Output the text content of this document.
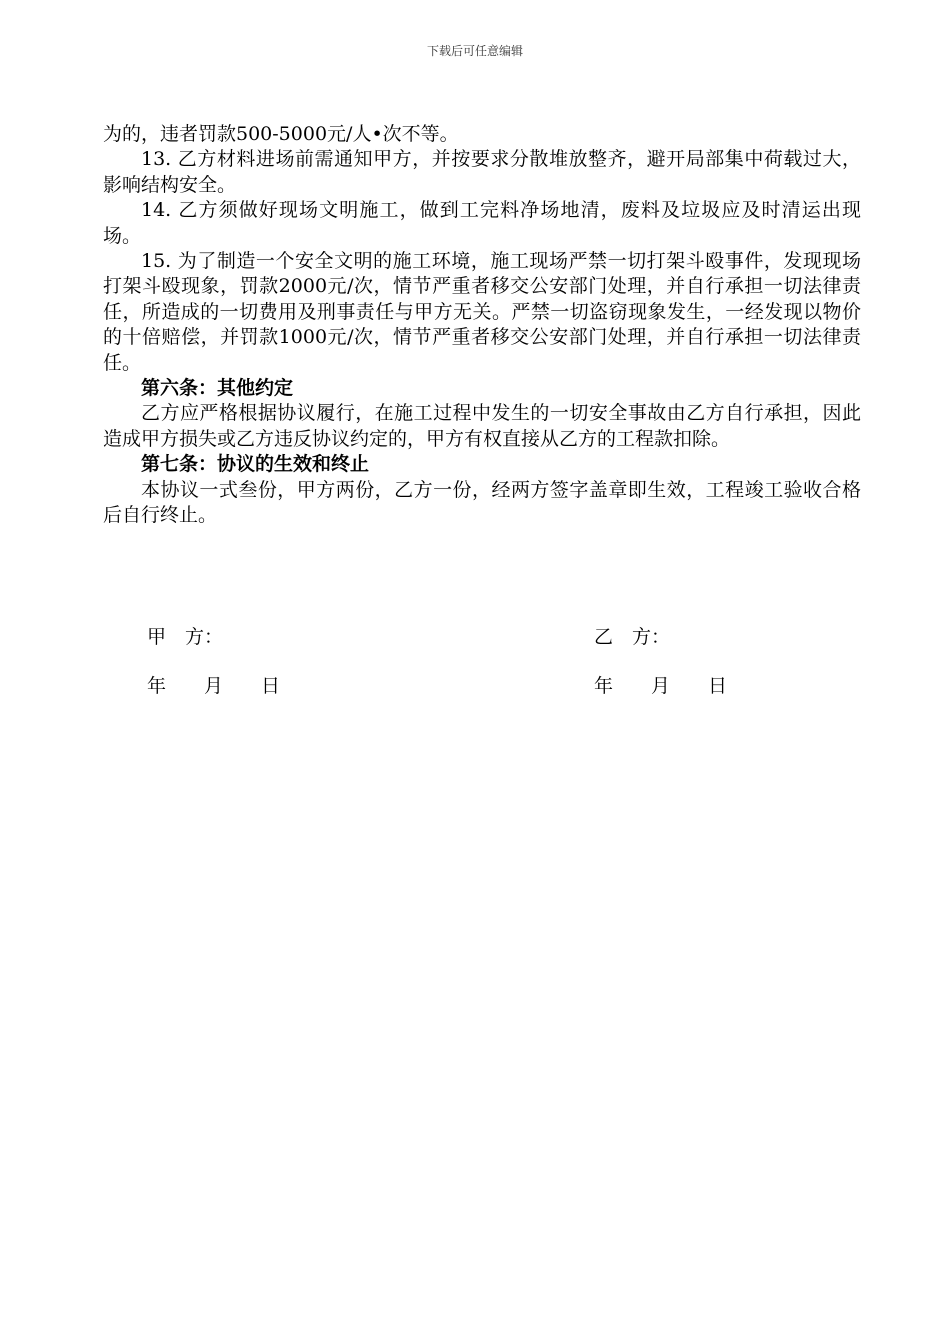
下载后可任意编辑

为的，违者罚款500-5000元/人•次不等。

13. 乙方材料进场前需通知甲方，并按要求分散堆放整齐，避开局部集中荷载过大，影响结构安全。

14. 乙方须做好现场文明施工，做到工完料净场地清，废料及垃圾应及时清运出现场。

15. 为了制造一个安全文明的施工环境，施工现场严禁一切打架斗殴事件，发现现场打架斗殴现象，罚款2000元/次，情节严重者移交公安部门处理，并自行承担一切法律责任，所造成的一切费用及刑事责任与甲方无关。严禁一切盗窃现象发生，一经发现以物价的十倍赔偿，并罚款1000元/次，情节严重者移交公安部门处理，并自行承担一切法律责任。

第六条：其他约定

乙方应严格根据协议履行，在施工过程中发生的一切安全事故由乙方自行承担，因此造成甲方损失或乙方违反协议约定的，甲方有权直接从乙方的工程款扣除。

第七条：协议的生效和终止

本协议一式叁份，甲方两份，乙方一份，经两方签字盖章即生效，工程竣工验收合格后自行终止。

甲　方：	乙　方：
年　　月　　日	年　　月　　日
